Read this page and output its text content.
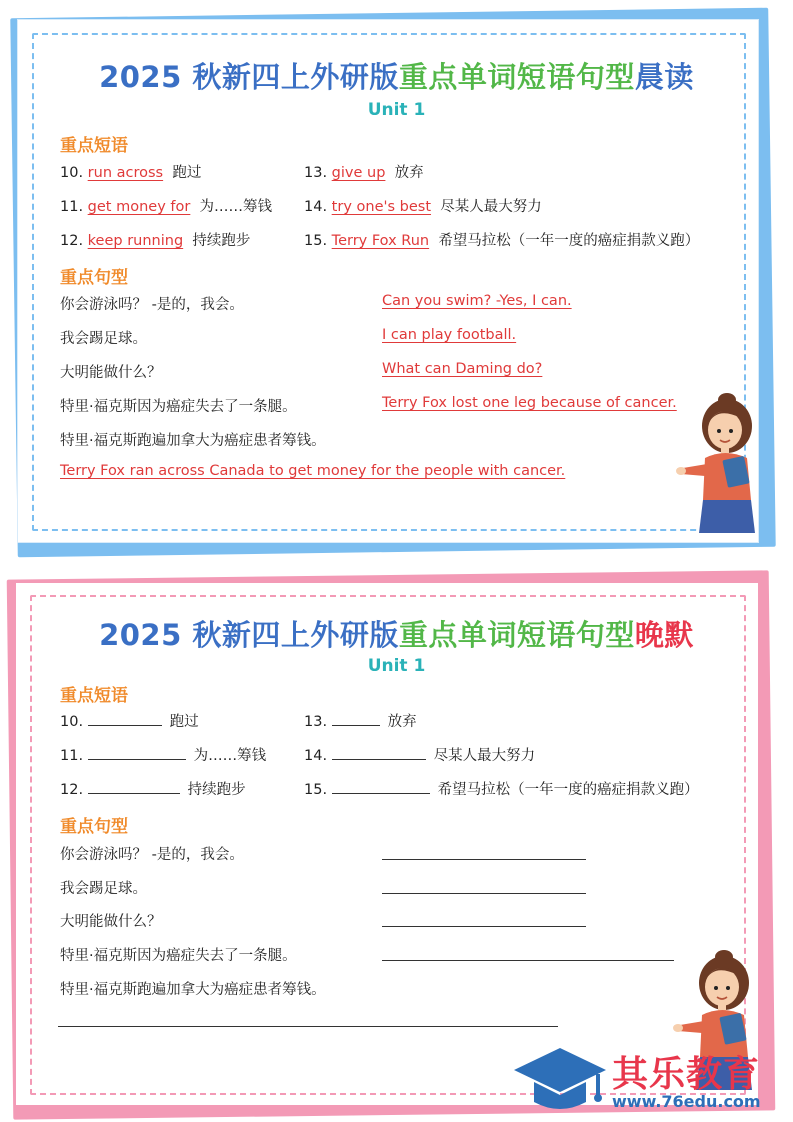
2025 秋新四上外研版重点单词短语句型晨读
Unit 1
重点短语
10. run across 跑过
11. get money for 为……筹钱
12. keep running 持续跑步
13. give up 放弃
14. try one's best 尽某人最大努力
15. Terry Fox Run 希望马拉松（一年一度的癌症捐款义跑）
重点句型
你会游泳吗？ -是的，我会。	Can you swim? -Yes, I can.
我会踢足球。	I can play football.
大明能做什么？	What can Daming do?
特里·福克斯因为癌症失去了一条腿。	Terry Fox lost one leg because of cancer.
特里·福克斯跑遍加拿大为癌症患者筹钱。
Terry Fox ran across Canada to get money for the people with cancer.
2025 秋新四上外研版重点单词短语句型晚默
Unit 1
重点短语
10.	跑过
11.	为……筹钱
12.	持续跑步
13.	放弃
14.	尽某人最大努力
15.	希望马拉松（一年一度的癌症捐款义跑）
重点句型
你会游泳吗？ -是的，我会。
我会踢足球。
大明能做什么？
特里·福克斯因为癌症失去了一条腿。
特里·福克斯跑遍加拿大为癌症患者筹钱。
其乐教育
www.76edu.com
